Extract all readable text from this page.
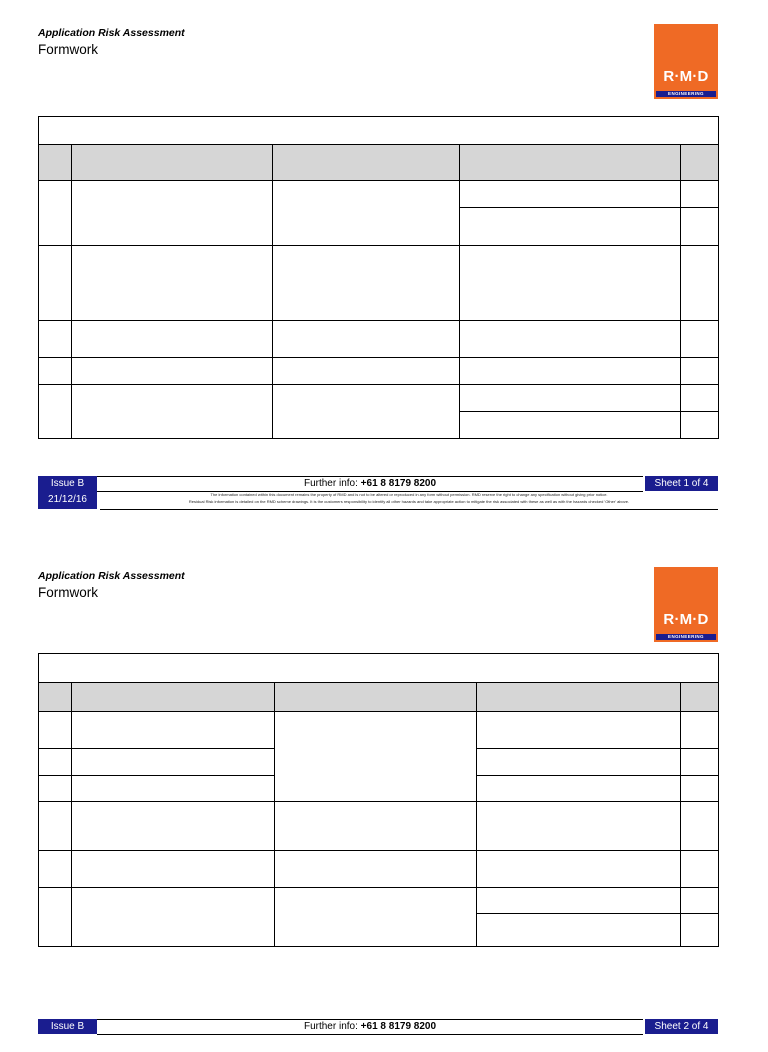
Application Risk Assessment
Formwork
R·M·D
ENGINEERING
Issue B
21/12/16
Further info: +61 8 8179 8200	Sheet 1 of 4
The information contained within this document remains the property of RMD and is not to be altered or reproduced in any form without permission. RMD reserve the right to change any specification without giving prior notice.
Residual Risk information is detailed on the RMD scheme drawings. It is the customers responsibility to identify all other hazards and take appropriate action to mitigate the risk associated with these as well as with the hazards checked 'Other' above.
Application Risk Assessment
Formwork
R·M·D
ENGINEERING
Issue B	Further info: +61 8 8179 8200	Sheet 2 of 4
